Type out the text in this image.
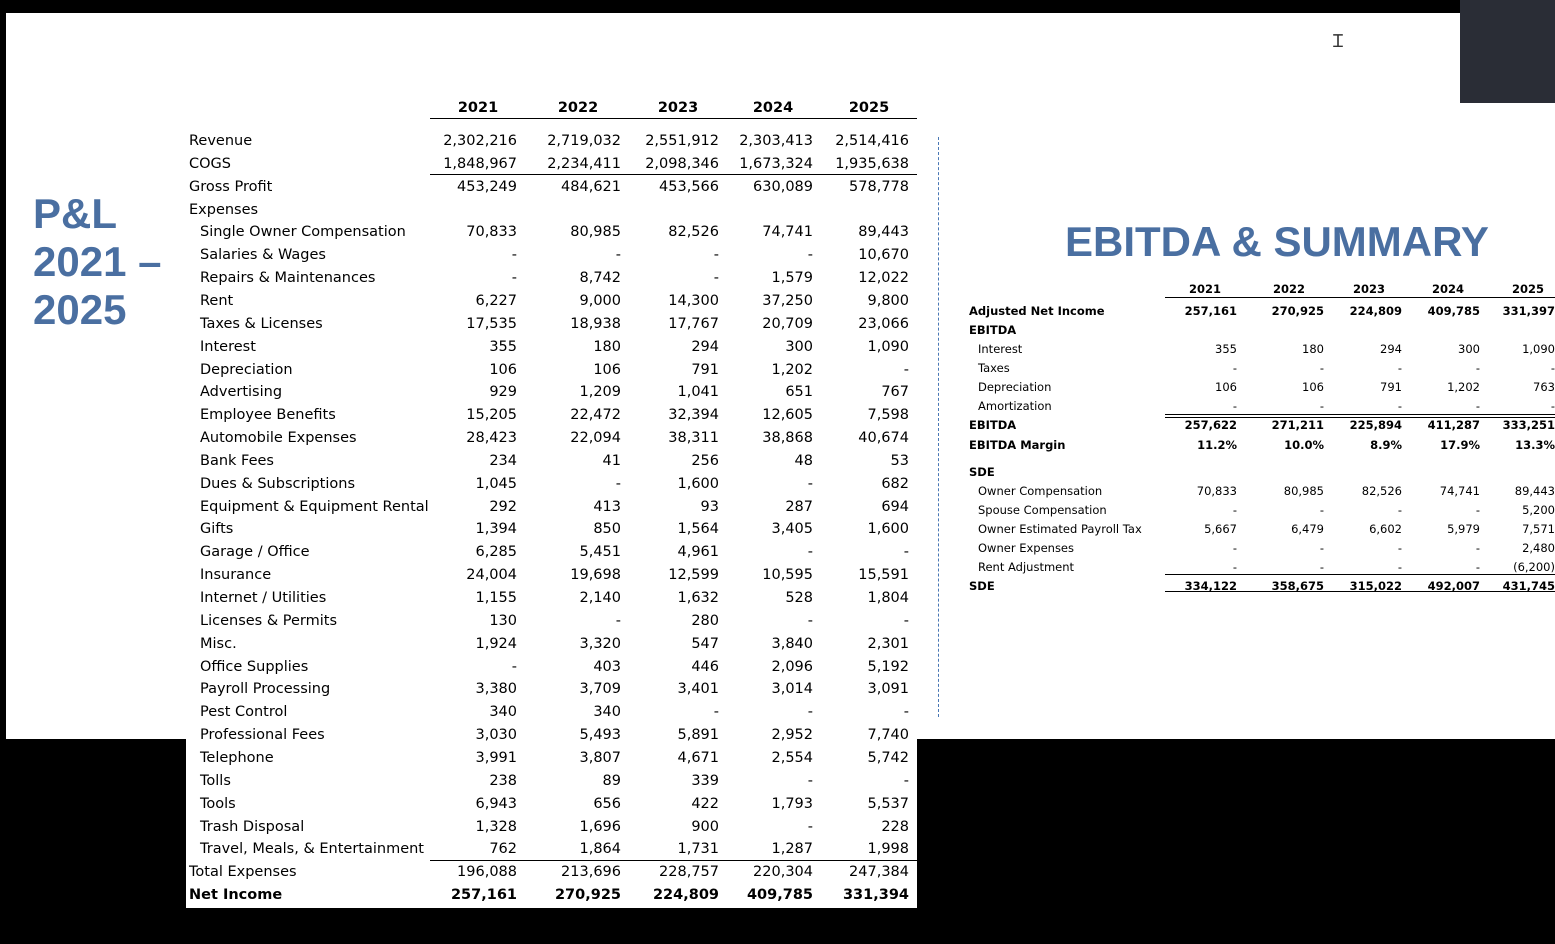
Ɪ
P&L
2021 –
2025
2021	2022	2023	2024	2025
Revenue	2,302,216 2,719,032 2,551,912 2,303,413 2,514,416
COGS	1,848,967 2,234,411 2,098,346 1,673,324 1,935,638
Gross Profit	453,249	484,621	453,566 630,089 578,778
Expenses
Single Owner Compensation	70,833	80,985	82,526	74,741	89,443
Salaries & Wages	-	-	-	-	10,670
Repairs & Maintenances	-	8,742	-	1,579	12,022
Rent	6,227	9,000	14,300	37,250	9,800
Taxes & Licenses	17,535	18,938	17,767	20,709	23,066
Interest	355	180	294	300	1,090
Depreciation	106	106	791	1,202	-
Advertising	929	1,209	1,041	651	767
Employee Benefits	15,205	22,472	32,394	12,605	7,598
Automobile Expenses	28,423	22,094	38,311	38,868	40,674
Bank Fees	234	41	256	48	53
Dues & Subscriptions	1,045	-	1,600	-	682
Equipment & Equipment Rental	292	413	93	287	694
Gifts	1,394	850	1,564	3,405	1,600
Garage / Office	6,285	5,451	4,961	-	-
Insurance	24,004	19,698	12,599	10,595	15,591
Internet / Utilities	1,155	2,140	1,632	528	1,804
Licenses & Permits	130	-	280	-	-
Misc.	1,924	3,320	547	3,840	2,301
Office Supplies	-	403	446	2,096	5,192
Payroll Processing	3,380	3,709	3,401	3,014	3,091
Pest Control	340	340	-	-	-
Professional Fees	3,030	5,493	5,891	2,952	7,740
Telephone	3,991	3,807	4,671	2,554	5,742
Tolls	238	89	339	-	-
Tools	6,943	656	422	1,793	5,537
Trash Disposal	1,328	1,696	900	-	228
Travel, Meals, & Entertainment	762	1,864	1,731	1,287	1,998
Total Expenses	196,088	213,696	228,757 220,304 247,384
Net Income	257,161	270,925 224,809 409,785 331,394
EBITDA & SUMMARY
2021	2022	2023	2024	2025
Adjusted Net Income	257,161	270,925 224,809 409,785 331,397
EBITDA
Interest	355	180	294	300	1,090
Taxes	-	-	-	-	-
Depreciation	106	106	791	1,202	763
Amortization	-	-	-	-	-
EBITDA	257,622	271,211 225,894 411,287 333,251
EBITDA Margin	11.2%	10.0%	8.9%	17.9%	13.3%
SDE
Owner Compensation	70,833	80,985	82,526	74,741	89,443
Spouse Compensation	-	-	-	-	5,200
Owner Estimated Payroll Tax	5,667	6,479	6,602	5,979	7,571
Owner Expenses	-	-	-	-	2,480
Rent Adjustment	-	-	-	-	(6,200)
SDE	334,122	358,675 315,022 492,007 431,745
